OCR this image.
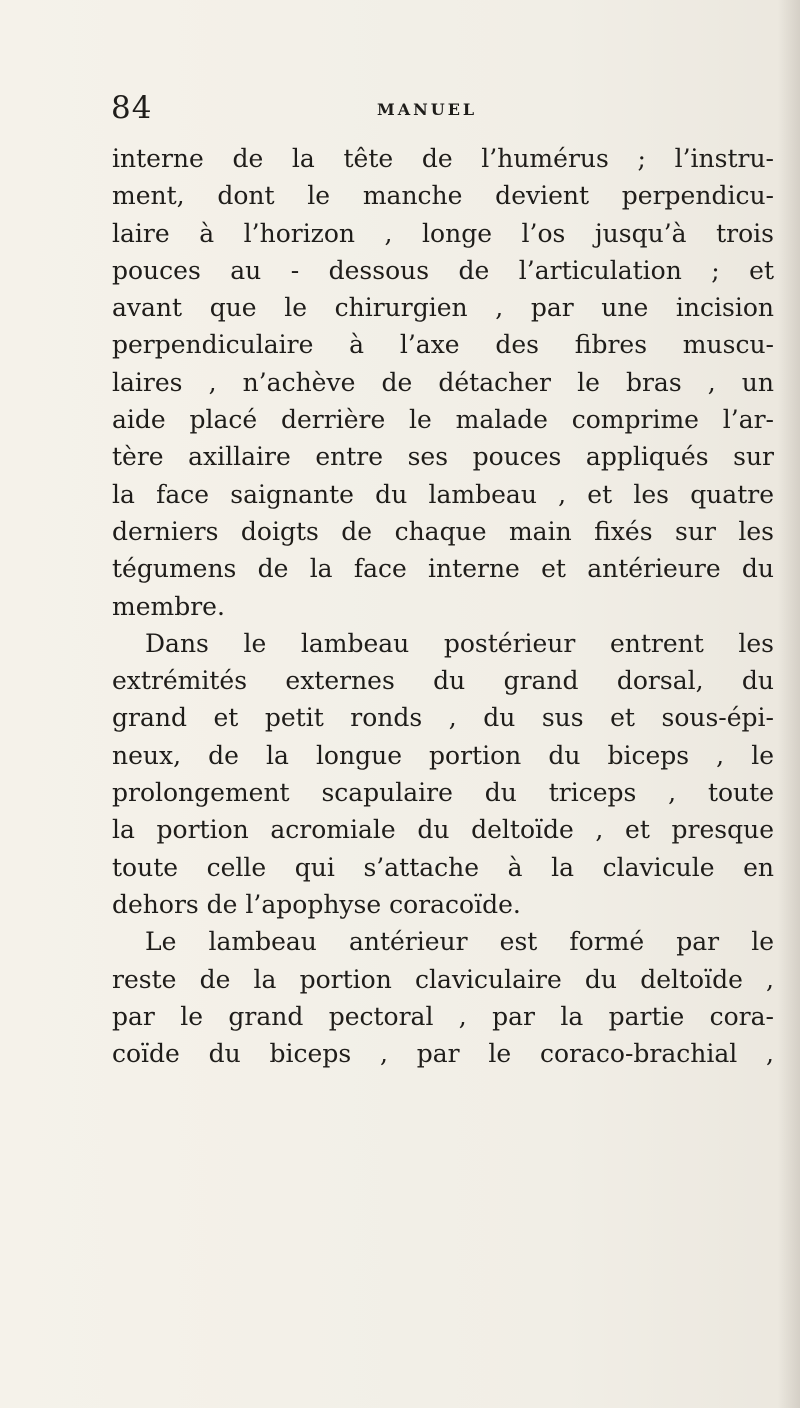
84	MANUEL
interne de la tête de l’humérus ; l’instru-
ment, dont le manche devient perpendicu-
laire à l’horizon , longe l’os jusqu’à trois
pouces au - dessous de l’articulation ; et
avant que le chirurgien , par une incision
perpendiculaire à l’axe des fibres muscu-
laires , n’achève de détacher le bras , un
aide placé derrière le malade comprime l’ar-
tère axillaire entre ses pouces appliqués sur
la face saignante du lambeau , et les quatre
derniers doigts de chaque main fixés sur les
tégumens de la face interne et antérieure du
membre.
Dans le lambeau postérieur entrent les
extrémités externes du grand dorsal, du
grand et petit ronds , du sus et sous-épi-
neux, de la longue portion du biceps , le
prolongement scapulaire du triceps , toute
la portion acromiale du deltoïde , et presque
toute celle qui s’attache à la clavicule en
dehors de l’apophyse coracoïde.
Le lambeau antérieur est formé par le
reste de la portion claviculaire du deltoïde ,
par le grand pectoral , par la partie cora-
coïde du biceps , par le coraco-brachial ,
